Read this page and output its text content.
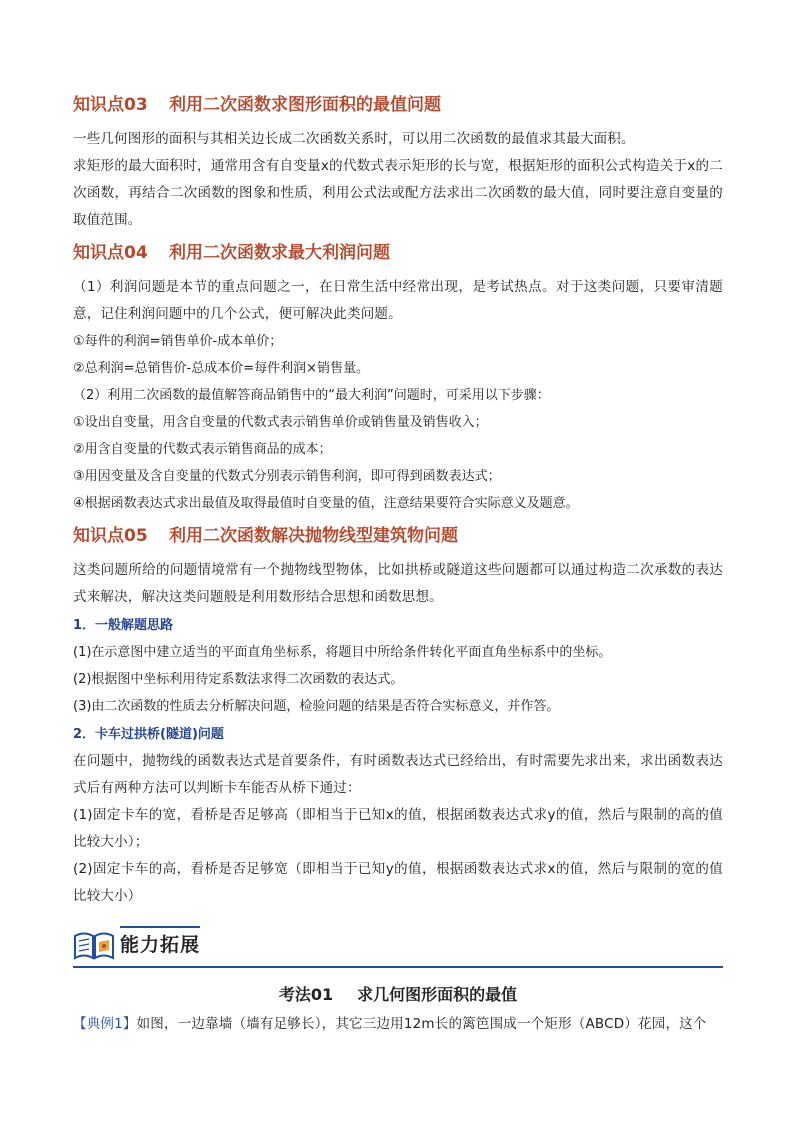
知识点03 利用二次函数求图形面积的最值问题

一些几何图形的面积与其相关边长成二次函数关系时，可以用二次函数的最值求其最大面积。

求矩形的最大面积时，通常用含有自变量x的代数式表示矩形的长与宽，根据矩形的面积公式构造关于x的二次函数，再结合二次函数的图象和性质，利用公式法或配方法求出二次函数的最大值，同时要注意自变量的取值范围。

知识点04 利用二次函数求最大利润问题

（1）利润问题是本节的重点问题之一，在日常生活中经常出现，是考试热点。对于这类问题，只要审清题意，记住利润问题中的几个公式，便可解决此类问题。

①每件的利润=销售单价-成本单价；

②总利润=总销售价-总成本价=每件利润×销售量。

（2）利用二次函数的最值解答商品销售中的“最大利润”问题时，可采用以下步骤：

①设出自变量，用含自变量的代数式表示销售单价或销售量及销售收入；

②用含自变量的代数式表示销售商品的成本；

③用因变量及含自变量的代数式分别表示销售利润，即可得到函数表达式；

④根据函数表达式求出最值及取得最值时自变量的值，注意结果要符合实际意义及题意。

知识点05 利用二次函数解决抛物线型建筑物问题

这类问题所给的问题情境常有一个抛物线型物体，比如拱桥或隧道这些问题都可以通过构造二次承数的表达式来解决，解决这类问题般是利用数形结合思想和函数思想。

1．一般解题思路

(1)在示意图中建立适当的平面直角坐标系，将题目中所给条件转化平面直角坐标系中的坐标。

(2)根据图中坐标利用待定系数法求得二次函数的表达式。

(3)由二次函数的性质去分析解决问题，检验问题的结果是否符合实标意义，并作答。

2．卡车过拱桥(隧道)问题

在问题中，抛物线的函数表达式是首要条件，有时函数表达式已经给出，有时需要先求出来，求出函数表达式后有两种方法可以判断卡车能否从桥下通过：

(1)固定卡车的宽，看桥是否足够高（即相当于已知x的值，根据函数表达式求y的值，然后与限制的高的值比较大小）；

(2)固定卡车的高，看桥是否足够宽（即相当于已知y的值，根据函数表达式求x的值，然后与限制的宽的值比较大小）

能力拓展
考法01 求几何图形面积的最值

【典例1】如图，一边靠墙（墙有足够长），其它三边用12m长的篱笆围成一个矩形（ABCD）花园，这个
